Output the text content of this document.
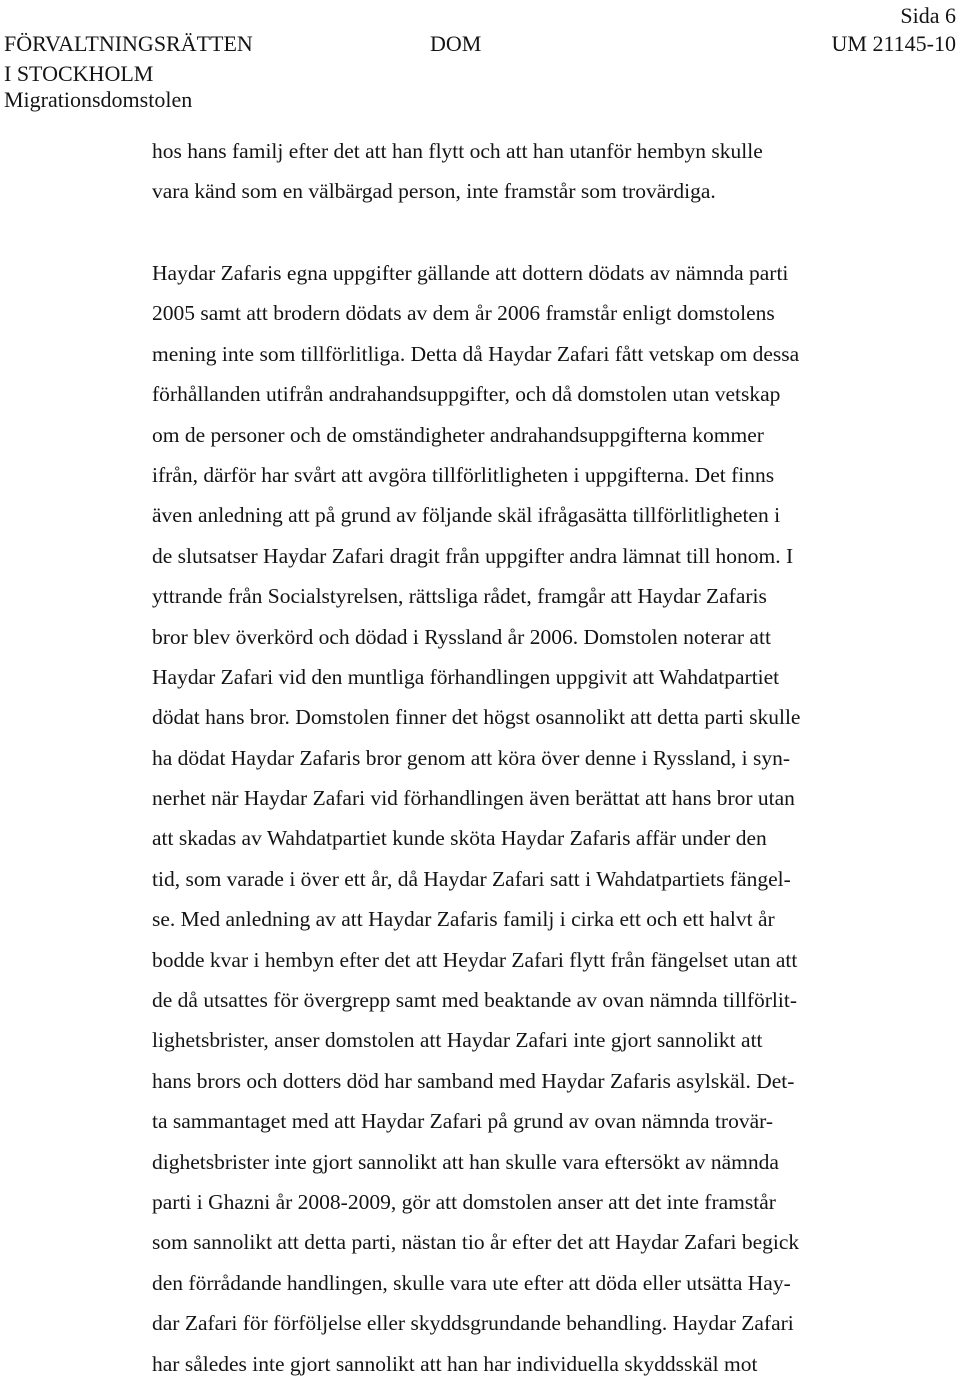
FÖRVALTNINGSRÄTTEN
I STOCKHOLM
Migrationsdomstolen
DOM
Sida 6
UM 21145-10
hos hans familj efter det att han flytt och att han utanför hembyn skulle
vara känd som en välbärgad person, inte framstår som trovärdiga.
Haydar Zafaris egna uppgifter gällande att dottern dödats av nämnda parti
2005 samt att brodern dödats av dem år 2006 framstår enligt domstolens
mening inte som tillförlitliga. Detta då Haydar Zafari fått vetskap om dessa
förhållanden utifrån andrahandsuppgifter, och då domstolen utan vetskap
om de personer och de omständigheter andrahandsuppgifterna kommer
ifrån, därför har svårt att avgöra tillförlitligheten i uppgifterna. Det finns
även anledning att på grund av följande skäl ifrågasätta tillförlitligheten i
de slutsatser Haydar Zafari dragit från uppgifter andra lämnat till honom. I
yttrande från Socialstyrelsen, rättsliga rådet, framgår att Haydar Zafaris
bror blev överkörd och dödad i Ryssland år 2006. Domstolen noterar att
Haydar Zafari vid den muntliga förhandlingen uppgivit att Wahdatpartiet
dödat hans bror. Domstolen finner det högst osannolikt att detta parti skulle
ha dödat Haydar Zafaris bror genom att köra över denne i Ryssland, i syn-
nerhet när Haydar Zafari vid förhandlingen även berättat att hans bror utan
att skadas av Wahdatpartiet kunde sköta Haydar Zafaris affär under den
tid, som varade i över ett år, då Haydar Zafari satt i Wahdatpartiets fängel-
se. Med anledning av att Haydar Zafaris familj i cirka ett och ett halvt år
bodde kvar i hembyn efter det att Heydar Zafari flytt från fängelset utan att
de då utsattes för övergrepp samt med beaktande av ovan nämnda tillförlit-
lighetsbrister, anser domstolen att Haydar Zafari inte gjort sannolikt att
hans brors och dotters död har samband med Haydar Zafaris asylskäl. Det-
ta sammantaget med att Haydar Zafari på grund av ovan nämnda trovär-
dighetsbrister inte gjort sannolikt att han skulle vara eftersökt av nämnda
parti i Ghazni år 2008-2009, gör att domstolen anser att det inte framstår
som sannolikt att detta parti, nästan tio år efter det att Haydar Zafari begick
den förrådande handlingen, skulle vara ute efter att döda eller utsätta Hay-
dar Zafari för förföljelse eller skyddsgrundande behandling. Haydar Zafari
har således inte gjort sannolikt att han har individuella skyddsskäl mot
